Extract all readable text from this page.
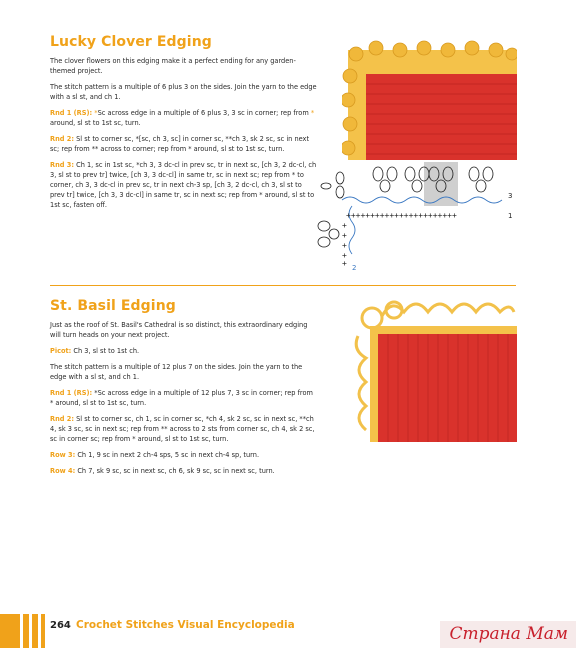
Lucky Clover Edging

The clover flowers on this edging make it a perfect ending for any garden-themed project.

The stitch pattern is a multiple of 6 plus 3 on the sides. Join the yarn to the edge with a sl st, and ch 1.

Rnd 1 (RS): *Sc across edge in a multiple of 6 plus 3, 3 sc in corner; rep from * around, sl st to 1st sc, turn.

Rnd 2: Sl st to corner sc, *[sc, ch 3, sc] in corner sc, **ch 3, sk 2 sc, sc in next sc; rep from ** across to corner; rep from * around, sl st to 1st sc, turn.

Rnd 3: Ch 1, sc in 1st sc, *ch 3, 3 dc-cl in prev sc, tr in next sc, [ch 3, 2 dc-cl, ch 3, sl st to prev tr] twice, [ch 3, 3 dc-cl] in same tr, sc in next sc; rep from * to corner, ch 3, 3 dc-cl in prev sc, tr in next ch-3 sp, [ch 3, 2 dc-cl, ch 3, sl st to prev tr] twice, [ch 3, 3 dc-cl] in same tr, sc in next sc; rep from * around, sl st to 1st sc, fasten off.

+++++++++++++++++++++++
+
+
+
+
+
3
1
2
St. Basil Edging

Just as the roof of St. Basil's Cathedral is so distinct, this extraordinary edging will turn heads on your next project.

Picot: Ch 3, sl st to 1st ch.

The stitch pattern is a multiple of 12 plus 7 on the sides. Join the yarn to the edge with a sl st, and ch 1.

Rnd 1 (RS): *Sc across edge in a multiple of 12 plus 7, 3 sc in corner; rep from * around, sl st to 1st sc, turn.

Rnd 2: Sl st to corner sc, ch 1, sc in corner sc, *ch 4, sk 2 sc, sc in next sc, **ch 4, sk 3 sc, sc in next sc; rep from ** across to 2 sts from corner sc, ch 4, sk 2 sc, sc in corner sc; rep from * around, sl st to 1st sc, turn.

Row 3: Ch 1, 9 sc in next 2 ch-4 sps, 5 sc in next ch-4 sp, turn.

Row 4: Ch 7, sk 9 sc, sc in next sc, ch 6, sk 9 sc, sc in next sc, turn.

264 Crochet Stitches Visual Encyclopedia	Страна Мам
